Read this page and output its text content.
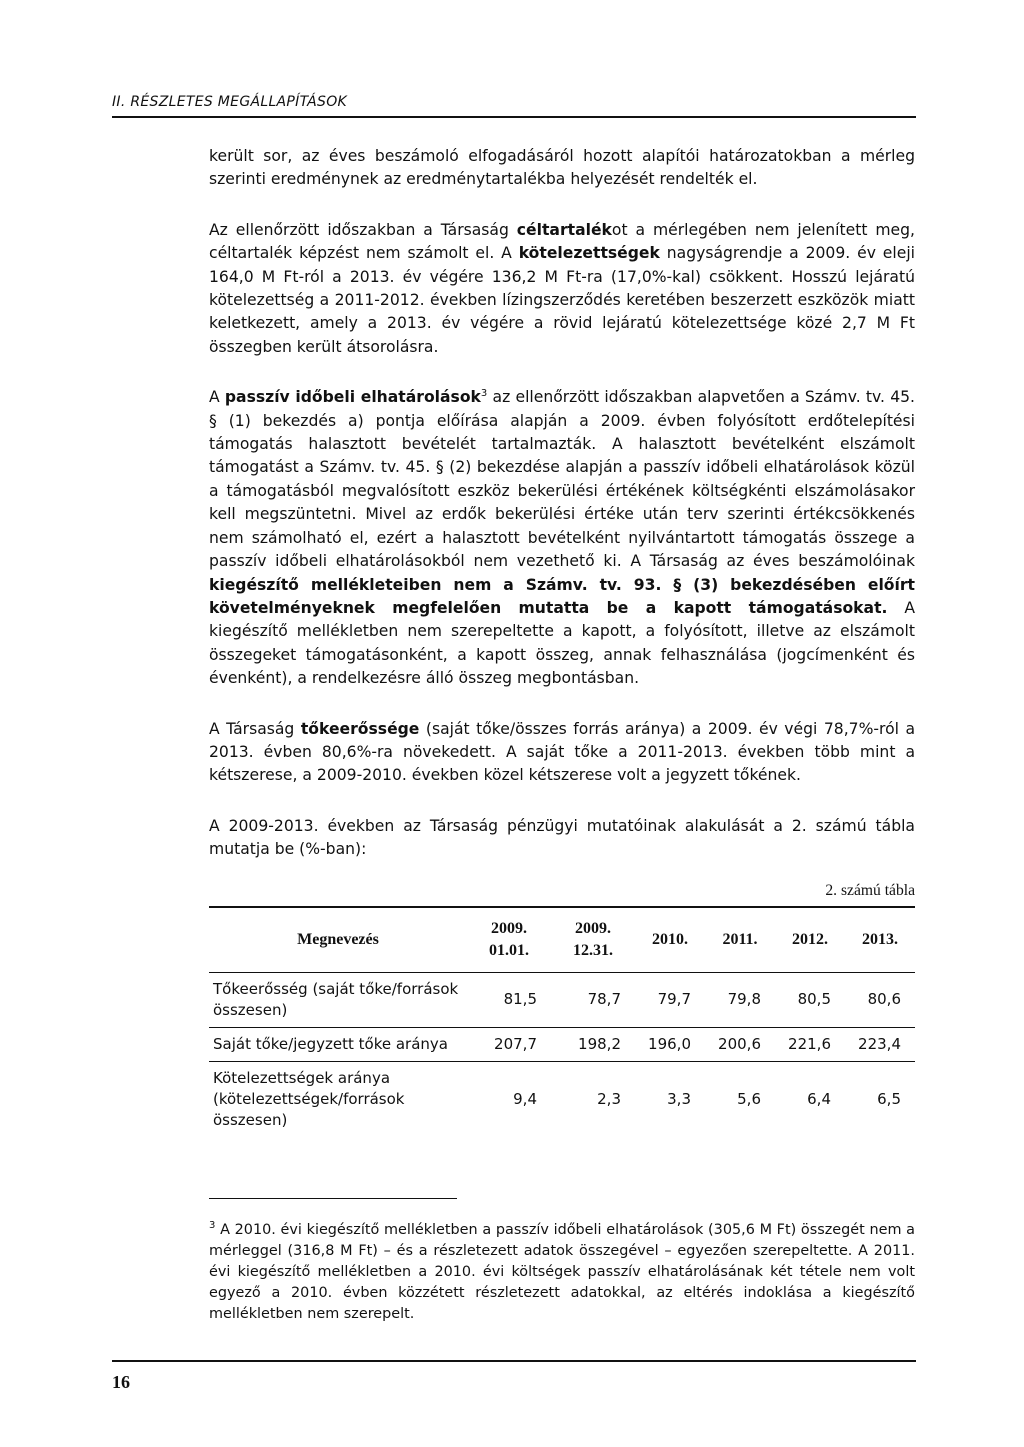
II. RÉSZLETES MEGÁLLAPÍTÁSOK

került sor, az éves beszámoló elfogadásáról hozott alapítói határozatokban a mérleg szerinti eredménynek az eredménytartalékba helyezését rendelték el.

Az ellenőrzött időszakban a Társaság céltartalékot a mérlegében nem jelenített meg, céltartalék képzést nem számolt el. A kötelezettségek nagyságrendje a 2009. év eleji 164,0 M Ft-ról a 2013. év végére 136,2 M Ft-ra (17,0%-kal) csökkent. Hosszú lejáratú kötelezettség a 2011-2012. években lízingszerződés keretében beszerzett eszközök miatt keletkezett, amely a 2013. év végére a rövid lejáratú kötelezettsége közé 2,7 M Ft összegben került átsorolásra.

A passzív időbeli elhatárolások$^3$ az ellenőrzött időszakban alapvetően a Számv. tv. 45. § (1) bekezdés a) pontja előírása alapján a 2009. évben folyósított erdőtelepítési támogatás halasztott bevételét tartalmazták. A halasztott bevételként elszámolt támogatást a Számv. tv. 45. § (2) bekezdése alapján a passzív időbeli elhatárolások közül a támogatásból megvalósított eszköz bekerülési értékének költségkénti elszámolásakor kell megszüntetni. Mivel az erdők bekerülési értéke után terv szerinti értékcsökkenés nem számolható el, ezért a halasztott bevételként nyilvántartott támogatás összege a passzív időbeli elhatárolásokból nem vezethető ki. A Társaság az éves beszámolóinak kiegészítő mellékleteiben nem a Számv. tv. 93. § (3) bekezdésében előírt követelményeknek megfelelően mutatta be a kapott támogatásokat. A kiegészítő mellékletben nem szerepeltette a kapott, a folyósított, illetve az elszámolt összegeket támogatásonként, a kapott összeg, annak felhasználása (jogcímenként és évenként), a rendelkezésre álló összeg megbontásban.

A Társaság tőkeerőssége (saját tőke/összes forrás aránya) a 2009. év végi 78,7%-ról a 2013. évben 80,6%-ra növekedett. A saját tőke a 2011-2013. években több mint a kétszerese, a 2009-2010. években közel kétszerese volt a jegyzett tőkének.

A 2009-2013. években az Társaság pénzügyi mutatóinak alakulását a 2. számú tábla mutatja be (%-ban):

2. számú tábla
Megnevezés	2009. 01.01.	2009. 12.31.	2010.	2011.	2012.	2013.
Tőkeerősség (saját tőke/források összesen)	81,5	78,7	79,7	79,8	80,5	80,6
Saját tőke/jegyzett tőke aránya	207,7	198,2	196,0	200,6	221,6	223,4
Kötelezettségek aránya (kötelezettségek/források összesen)	9,4	2,3	3,3	5,6	6,4	6,5
$^3$ A 2010. évi kiegészítő mellékletben a passzív időbeli elhatárolások (305,6 M Ft) összegét nem a mérleggel (316,8 M Ft) – és a részletezett adatok összegével – egyezően szerepeltette. A 2011. évi kiegészítő mellékletben a 2010. évi költségek passzív elhatárolásának két tétele nem volt egyező a 2010. évben közzétett részletezett adatokkal, az eltérés indoklása a kiegészítő mellékletben nem szerepelt.
16
